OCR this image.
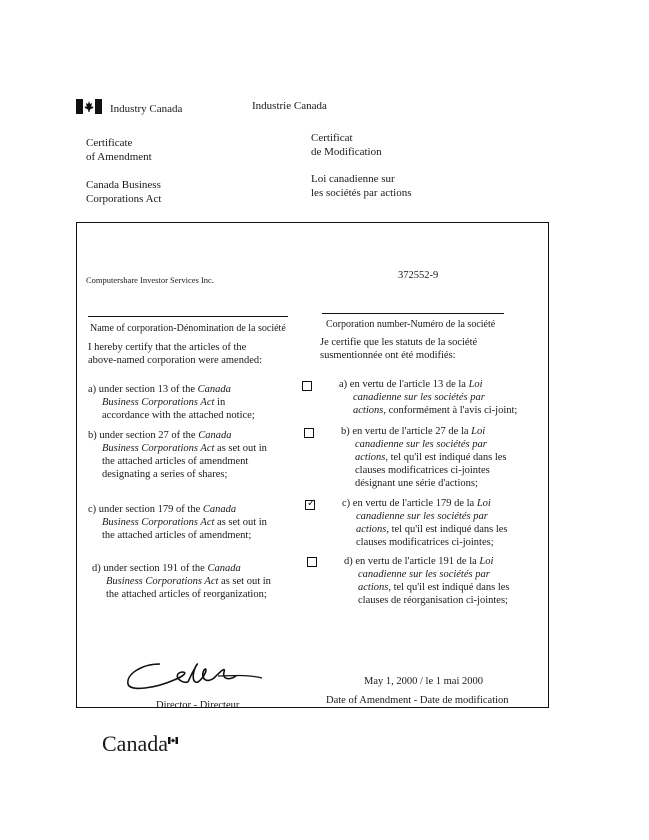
Industry Canada	Industrie Canada
Certificate
of Amendment
Certificat
de Modification
Canada Business
Corporations Act
Loi canadienne sur
les sociétés par actions
Computershare Investor Services Inc.	372552-9
Name of corporation-Dénomination de la société	Corporation number-Numéro de la société
I hereby certify that the articles of the
above-named corporation were amended:
Je certifie que les statuts de la société
susmentionnée ont été modifiés:
a) under section 13 of the Canada
Business Corporations Act in
accordance with the attached notice;
a) en vertu de l'article 13 de la Loi
canadienne sur les sociétés par
actions, conformément à l'avis ci-joint;
b) under section 27 of the Canada
Business Corporations Act as set out in
the attached articles of amendment
designating a series of shares;
b) en vertu de l'article 27 de la Loi
canadienne sur les sociétés par
actions, tel qu'il est indiqué dans les
clauses modificatrices ci-jointes
désignant une série d'actions;
c) under section 179 of the Canada
Business Corporations Act as set out in
the attached articles of amendment;
✓	c) en vertu de l'article 179 de la Loi
canadienne sur les sociétés par
actions, tel qu'il est indiqué dans les
clauses modificatrices ci-jointes;
d) under section 191 of the Canada
Business Corporations Act as set out in
the attached articles of reorganization;
d) en vertu de l'article 191 de la Loi
canadienne sur les sociétés par
actions, tel qu'il est indiqué dans les
clauses de réorganisation ci-jointes;
Director - Directeur
May 1, 2000 / le 1 mai 2000
Date of Amendment - Date de modification
Canada
